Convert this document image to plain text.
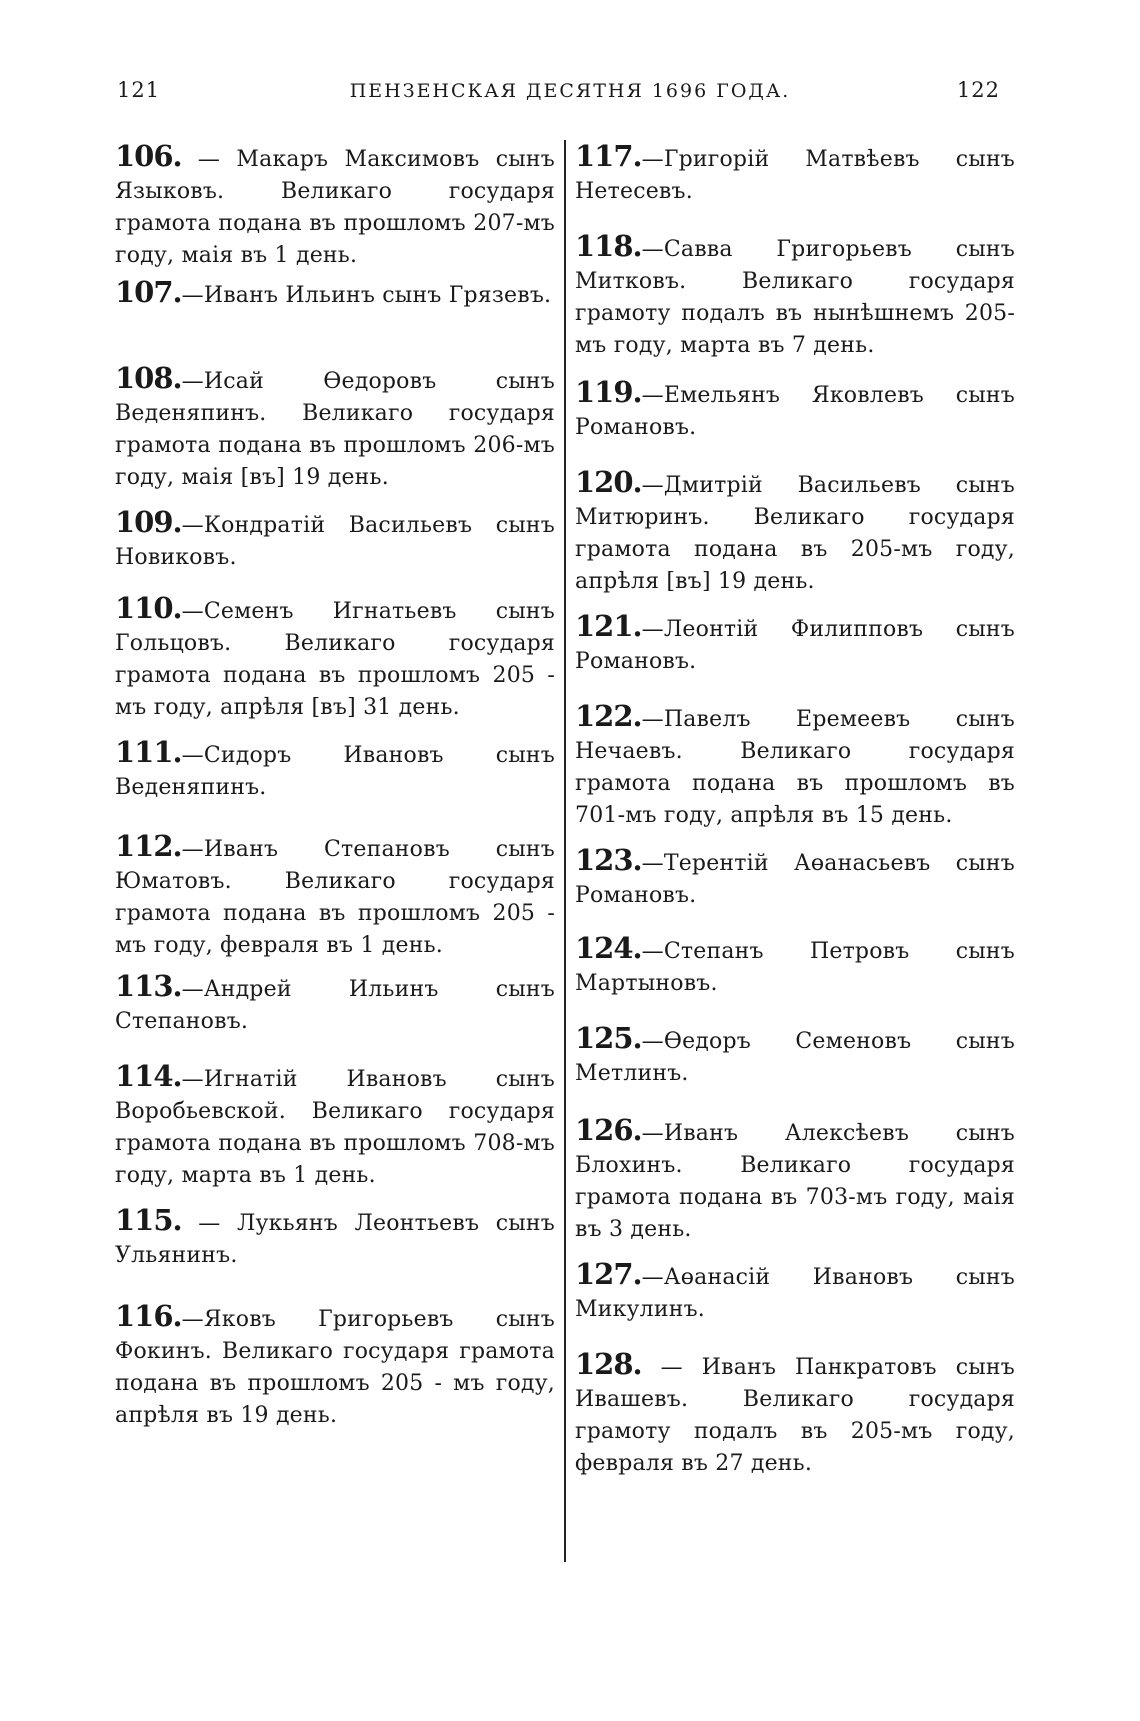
121	ПЕНЗЕНСКАЯ ДЕСЯТНЯ 1696 ГОДА.	122
106. — Макаръ Максимовъ сынъ Языковъ. Великаго государя грамота подана въ прошломъ 207-мъ году, маія въ 1 день.
107.—Иванъ Ильинъ сынъ Грязевъ.
108.—Исай Өедоровъ сынъ Веденяпинъ. Великаго государя грамота подана въ прошломъ 206-мъ году, маія [въ] 19 день.
109.—Кондратій Васильевъ сынъ Новиковъ.
110.—Семенъ Игнатьевъ сынъ Гольцовъ. Великаго государя грамота подана въ прошломъ 205 - мъ году, апрѣля [въ] 31 день.
111.—Сидоръ Ивановъ сынъ Веденяпинъ.
112.—Иванъ Степановъ сынъ Юматовъ. Великаго государя грамота подана въ прошломъ 205 - мъ году, февраля въ 1 день.
113.—Андрей Ильинъ сынъ Степановъ.
114.—Игнатій Ивановъ сынъ Воробьевской. Великаго государя грамота подана въ прошломъ 708-мъ году, марта въ 1 день.
115. — Лукьянъ Леонтьевъ сынъ Ульянинъ.
116.—Яковъ Григорьевъ сынъ Фокинъ. Великаго государя грамота подана въ прошломъ 205 - мъ году, апрѣля въ 19 день.
117.—Григорій Матвѣевъ сынъ Нетесевъ.
118.—Савва Григорьевъ сынъ Митковъ. Великаго государя грамоту подалъ въ нынѣшнемъ 205-мъ году, марта въ 7 день.
119.—Емельянъ Яковлевъ сынъ Романовъ.
120.—Дмитрій Васильевъ сынъ Митюринъ. Великаго государя грамота подана въ 205-мъ году, апрѣля [въ] 19 день.
121.—Леонтій Филипповъ сынъ Романовъ.
122.—Павелъ Еремеевъ сынъ Нечаевъ. Великаго государя грамота подана въ прошломъ въ 701-мъ году, апрѣля въ 15 день.
123.—Терентій Аөанасьевъ сынъ Романовъ.
124.—Степанъ Петровъ сынъ Мартыновъ.
125.—Өедоръ Семеновъ сынъ Метлинъ.
126.—Иванъ Алексѣевъ сынъ Блохинъ. Великаго государя грамота подана въ 703-мъ году, маія въ 3 день.
127.—Аөанасій Ивановъ сынъ Микулинъ.
128. — Иванъ Панкратовъ сынъ Ивашевъ. Великаго государя грамоту подалъ въ 205-мъ году, февраля въ 27 день.
